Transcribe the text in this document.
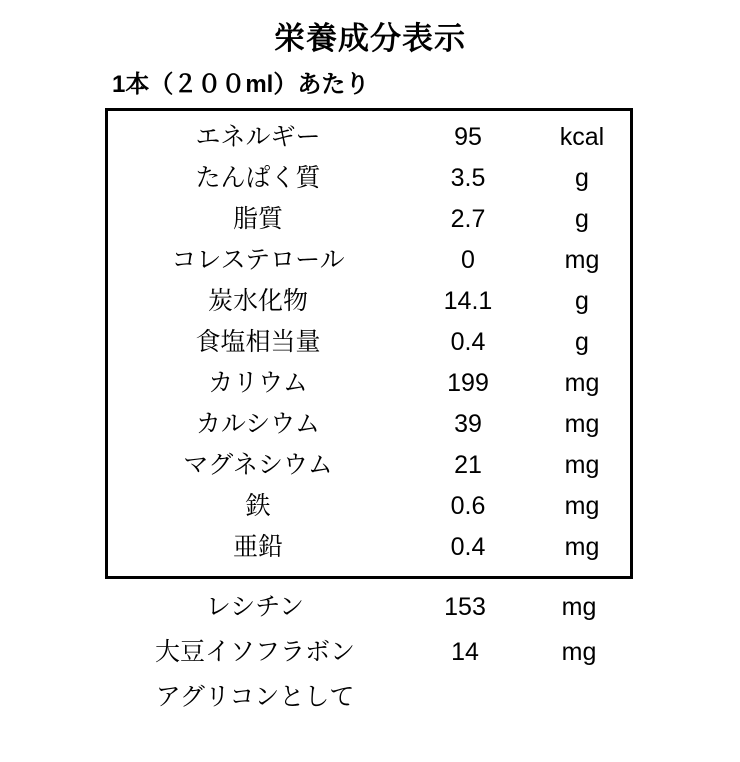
栄養成分表示
1本（２００ml）あたり
エネルギー	95	kcal
たんぱく質	3.5	g
脂質	2.7	g
コレステロール	0	mg
炭水化物	14.1	g
食塩相当量	0.4	g
カリウム	199	mg
カルシウム	39	mg
マグネシウム	21	mg
鉄	0.6	mg
亜鉛	0.4	mg
レシチン	153	mg
大豆イソフラボン	14	mg
アグリコンとして		
